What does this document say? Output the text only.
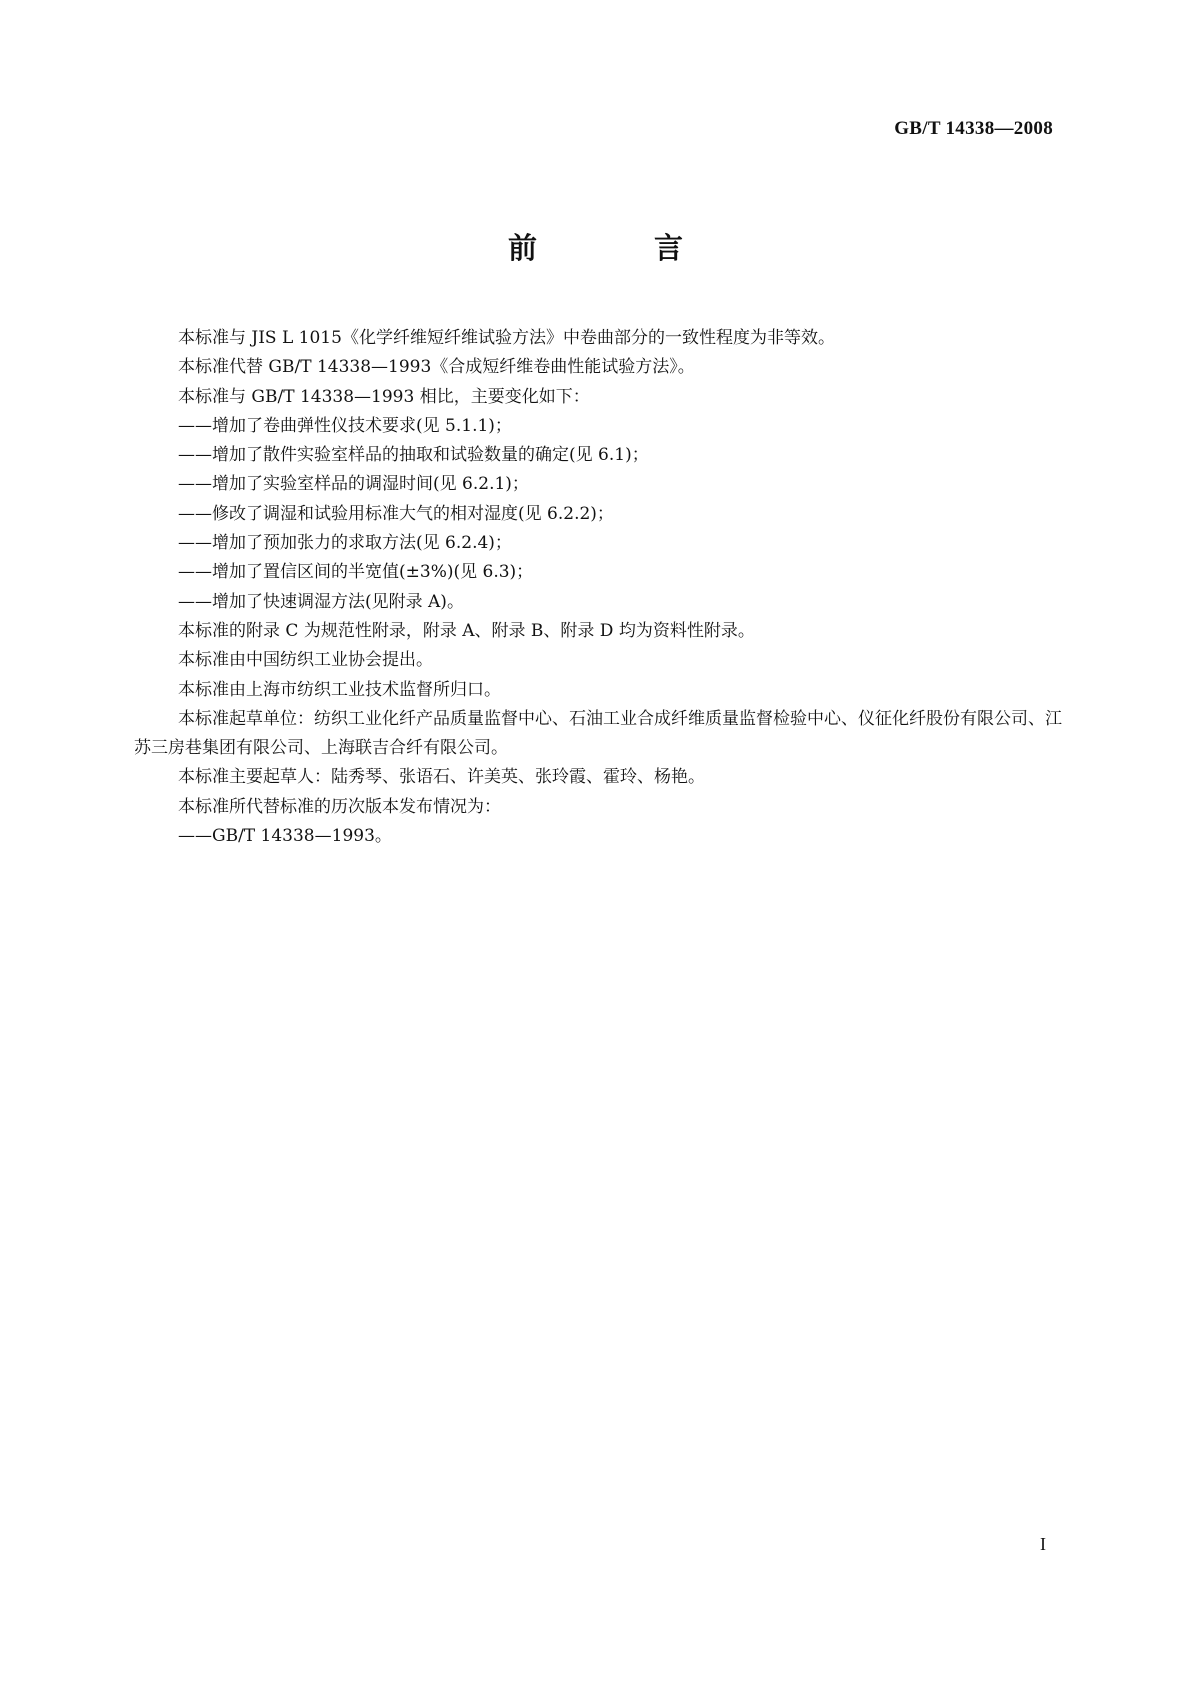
GB/T 14338—2008
前　言

本标准与 JIS L 1015《化学纤维短纤维试验方法》中卷曲部分的一致性程度为非等效。

本标准代替 GB/T 14338—1993《合成短纤维卷曲性能试验方法》。

本标准与 GB/T 14338—1993 相比，主要变化如下：

——增加了卷曲弹性仪技术要求(见 5.1.1)；

——增加了散件实验室样品的抽取和试验数量的确定(见 6.1)；

——增加了实验室样品的调湿时间(见 6.2.1)；

——修改了调湿和试验用标准大气的相对湿度(见 6.2.2)；

——增加了预加张力的求取方法(见 6.2.4)；

——增加了置信区间的半宽值(±3%)(见 6.3)；

——增加了快速调湿方法(见附录 A)。

本标准的附录 C 为规范性附录，附录 A、附录 B、附录 D 均为资料性附录。

本标准由中国纺织工业协会提出。

本标准由上海市纺织工业技术监督所归口。

本标准起草单位：纺织工业化纤产品质量监督中心、石油工业合成纤维质量监督检验中心、仪征化纤股份有限公司、江苏三房巷集团有限公司、上海联吉合纤有限公司。

本标准主要起草人：陆秀琴、张语石、许美英、张玲霞、霍玲、杨艳。

本标准所代替标准的历次版本发布情况为：

——GB/T 14338—1993。

I
